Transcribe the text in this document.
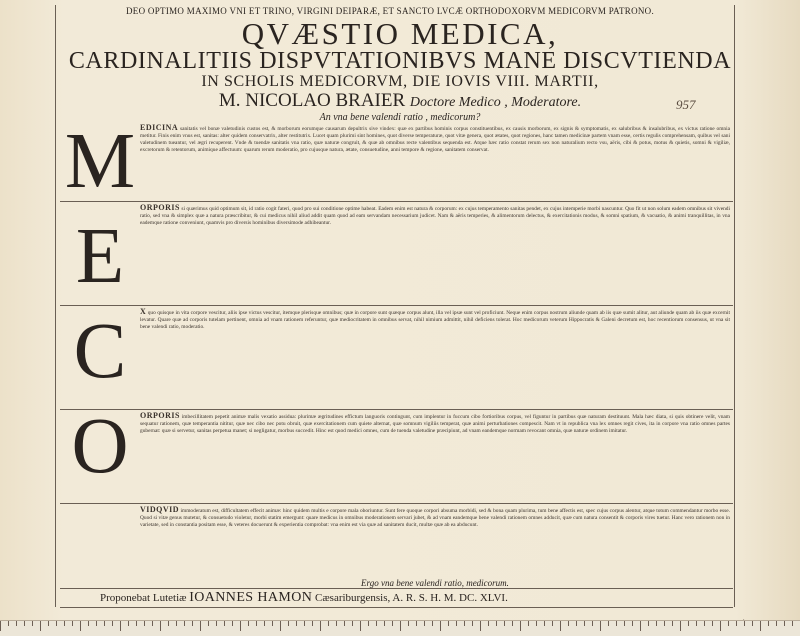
DEO OPTIMO MAXIMO VNI ET TRINO, VIRGINI DEIPARÆ, ET SANCTO LVCÆ ORTHODOXORVM MEDICORVM PATRONO.
QVÆSTIO MEDICA,
CARDINALITIIS DISPVTATIONIBVS MANE DISCVTIENDA
IN SCHOLIS MEDICORVM, DIE IOVIS VIII. MARTII,
M. NICOLAO BRAIER Doctore Medico , Moderatore.	957
An vna bene valendi ratio , medicorum?
M
E
C
O
EDICINA sanitatis vel bonæ valetudinis custos est, & morborum eorumque causarum depultrix sive vindex: quæ ex partibus hominis corpus constituentibus, ex causis morborum, ex signis & symptomatis, ex salubribus & insalubribus, ex victus ratione omnia metitur. Finis enim vnus est, sanitas: alter quidem conservatrix, alter restitutrix. Lucet quam plurimi sint homines, quot diverse temperaturæ, quot vitæ genera, quot ætates, quot regiones, hanc tamen medicinæ partem vnam esse, certis regulis comprehensam, quibus vel sani valetudinem tueantur, vel ægri recuperent. Vnde & tuendæ sanitatis vna ratio, quæ naturæ congruit, & quæ ab omnibus recte valentibus sequenda est. Atque hæc ratio constat rerum sex non naturalium recto vsu, aëris, cibi & potus, motus & quietis, somni & vigiliæ, excretorum & retentorum, animique affectuum: quarum rerum moderatio, pro cujusque natura, ætate, consuetudine, anni tempore & regione, sanitatem conservat.
ORPORIS si quærimus quid optimum sit, id ratio cogit fateri, quod pro sui conditione optime habeat. Eadem enim est natura & corporum: ex cujus temperamento sanitas pendet, ex cujus intemperie morbi nascuntur. Quo fit ut non solum eadem omnibus sit vivendi ratio, sed vna & simplex quæ a natura præscribitur, & cui medicus nihil aliud addit quam quod ad eam servandam necessarium judicet. Nam & aëris temperies, & alimentorum delectus, & exercitationis modus, & somni spatium, & vacuatio, & animi tranquillitas, in vna eademque ratione conveniunt, quamvis pro diversis hominibus diversimode adhibeantur.
X quo quisque in vita corpore vescitur, aliis ipse victus vescitur, itemque plerisque omnibus; quæ in corpore sunt quæque corpus alunt, illa vel ipsæ sunt vel proficiunt. Neque enim corpus nostrum aliunde quam ab iis quæ sumit alitur, aut aliunde quam ab iis quæ excernit levatur. Quare quæ ad corporis tutelam pertinent, omnia ad vnam rationem referuntur, quæ mediocritatem in omnibus servat, nihil nimium admittit, nihil deficiens tolerat. Hoc medicorum veterum Hippocratis & Galeni decretum est, hoc recentiorum consensus, ut vna sit bene valendi ratio, moderatio.
ORPORIS imbecillitatem pepetit animæ malis vexatio assidua: plurimæ ægritudines effictum languoris contingunt, cum implentur in fuccum cibo fortioribus corpus, vel figuntur in partibus quæ naturam destituunt. Mala hæc diata, si quis obtinere velit, vnam sequatur rationem, quæ temperantia nititur, quæ nec cibo nec potu obruit, quæ exercitationem cum quiete alternat, quæ somnum vigiliis temperat, quæ animi perturbationes compescit. Nam vt in republica vna lex omnes regit cives, ita in corpore vna ratio omnes partes gubernat: quæ si servetur, sanitas perpetua manet; si negligatur, morbus succedit. Hinc est quod medici omnes, cum de tuenda valetudine præcipiunt, ad vnam eandemque normam revocant omnia, quæ naturæ ordinem imitatur.
VIDQVID immoderatum est, difficultatem effecit animæ: hinc quidem multis e corpore mala oboriuntur. Sunt fere quoque corpori absuma morbidi, sed & bona quam plurima, tum bene affectis est, spec cujus corpus alentur, atque totum commendantur morbo esse. Quod si vitæ genus mutetur, & consuetudo violetur, morbi statim emergunt: quare medicus in omnibus moderationem servari jubet, & ad vnam eandemque bene valendi rationem omnes adducit, quæ cum natura consentit & corporis vires tuetur. Hanc vero rationem non in varietate, sed in constantia positam esse, & veteres docuerunt & experientia comprobat: vna enim est via quæ ad sanitatem ducit, multæ quæ ab ea abducunt.
Ergo vna bene valendi ratio, medicorum.
Proponebat Lutetiæ IOANNES HAMON Cæsariburgensis, A. R. S. H. M. DC. XLVI.
